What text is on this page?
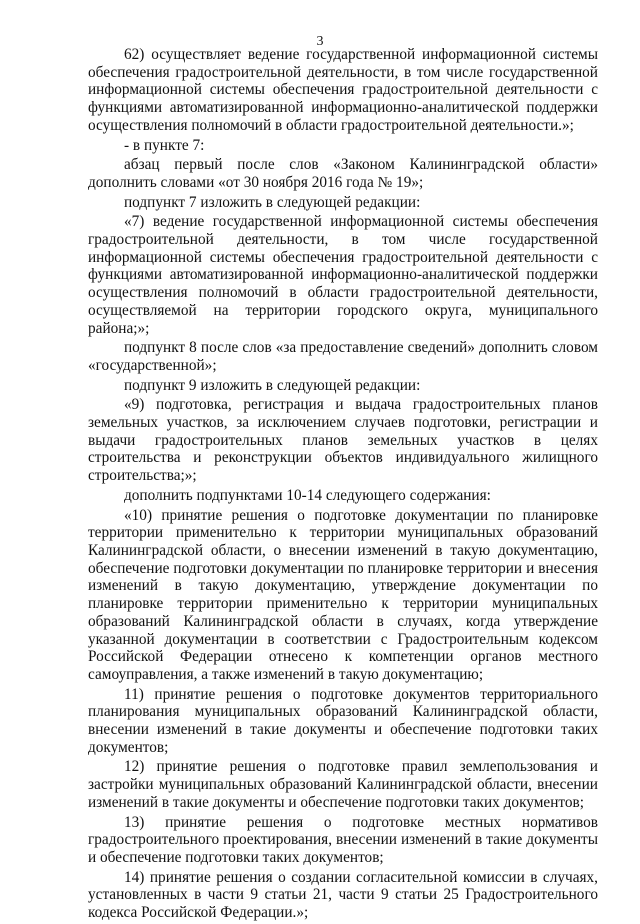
3

62) осуществляет ведение государственной информационной системы обеспечения градостроительной деятельности, в том числе государственной информационной системы обеспечения градостроительной деятельности с функциями автоматизированной информационно-аналитической поддержки осуществления полномочий в области градостроительной деятельности.»;

- в пункте 7:

абзац первый после слов «Законом Калининградской области» дополнить словами «от 30 ноября 2016 года № 19»;

подпункт 7 изложить в следующей редакции:

«7) ведение государственной информационной системы обеспечения градостроительной деятельности, в том числе государственной информационной системы обеспечения градостроительной деятельности с функциями автоматизированной информационно-аналитической поддержки осуществления полномочий в области градостроительной деятельности, осуществляемой на территории городского округа, муниципального района;»;

подпункт 8 после слов «за предоставление сведений» дополнить словом «государственной»;

подпункт 9 изложить в следующей редакции:

«9) подготовка, регистрация и выдача градостроительных планов земельных участков, за исключением случаев подготовки, регистрации и выдачи градостроительных планов земельных участков в целях строительства и реконструкции объектов индивидуального жилищного строительства;»;

дополнить подпунктами 10-14 следующего содержания:

«10) принятие решения о подготовке документации по планировке территории применительно к территории муниципальных образований Калининградской области, о внесении изменений в такую документацию, обеспечение подготовки документации по планировке территории и внесения изменений в такую документацию, утверждение документации по планировке территории применительно к территории муниципальных образований Калининградской области в случаях, когда утверждение указанной документации в соответствии с Градостроительным кодексом Российской Федерации отнесено к компетенции органов местного самоуправления, а также изменений в такую документацию;

11) принятие решения о подготовке документов территориального планирования муниципальных образований Калининградской области, внесении изменений в такие документы и обеспечение подготовки таких документов;

12) принятие решения о подготовке правил землепользования и застройки муниципальных образований Калининградской области, внесении изменений в такие документы и обеспечение подготовки таких документов;

13) принятие решения о подготовке местных нормативов градостроительного проектирования, внесении изменений в такие документы и обеспечение подготовки таких документов;

14) принятие решения о создании согласительной комиссии в случаях, установленных в части 9 статьи 21, части 9 статьи 25 Градостроительного кодекса Российской Федерации.»;
